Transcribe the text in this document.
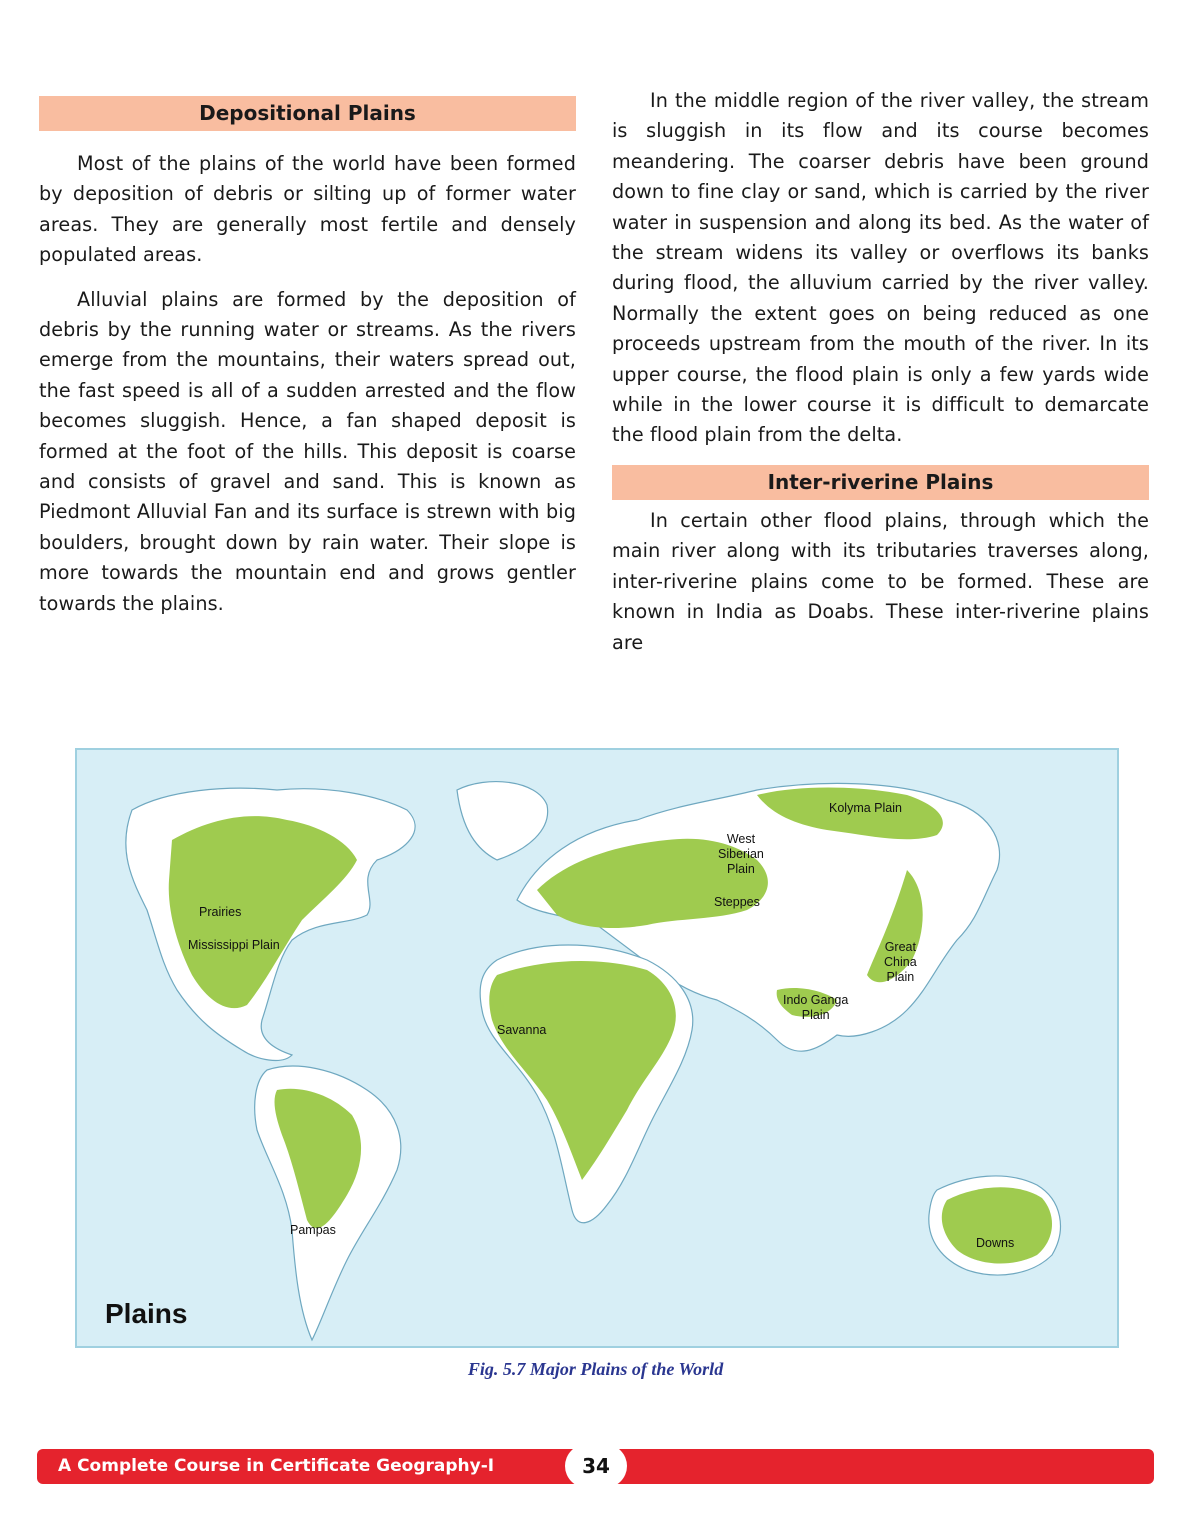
Depositional Plains

Most of the plains of the world have been formed by deposition of debris or silting up of former water areas. They are generally most fertile and densely populated areas.

Alluvial plains are formed by the deposition of debris by the running water or streams. As the rivers emerge from the mountains, their waters spread out, the fast speed is all of a sudden arrested and the flow becomes sluggish. Hence, a fan shaped deposit is formed at the foot of the hills. This deposit is coarse and consists of gravel and sand. This is known as Piedmont Alluvial Fan and its surface is strewn with big boulders, brought down by rain water. Their slope is more towards the mountain end and grows gentler towards the plains.

In the middle region of the river valley, the stream is sluggish in its flow and its course becomes meandering. The coarser debris have been ground down to fine clay or sand, which is carried by the river water in suspension and along its bed. As the water of the stream widens its valley or overflows its banks during flood, the alluvium carried by the river valley. Normally the extent goes on being reduced as one proceeds upstream from the mouth of the river. In its upper course, the flood plain is only a few yards wide while in the lower course it is difficult to demarcate the flood plain from the delta.

Inter-riverine Plains

In certain other flood plains, through which the main river along with its tributaries traverses along, inter-riverine plains come to be formed. These are known in India as Doabs. These inter-riverine plains are

Plains
Prairies
Mississippi Plain
Savanna
Pampas
West
Siberian
Plain
Steppes
Kolyma Plain
Great
China
Plain
Indo Ganga
Plain
Downs
Fig. 5.7 Major Plains of the World
A Complete Course in Certificate Geography-I	34
